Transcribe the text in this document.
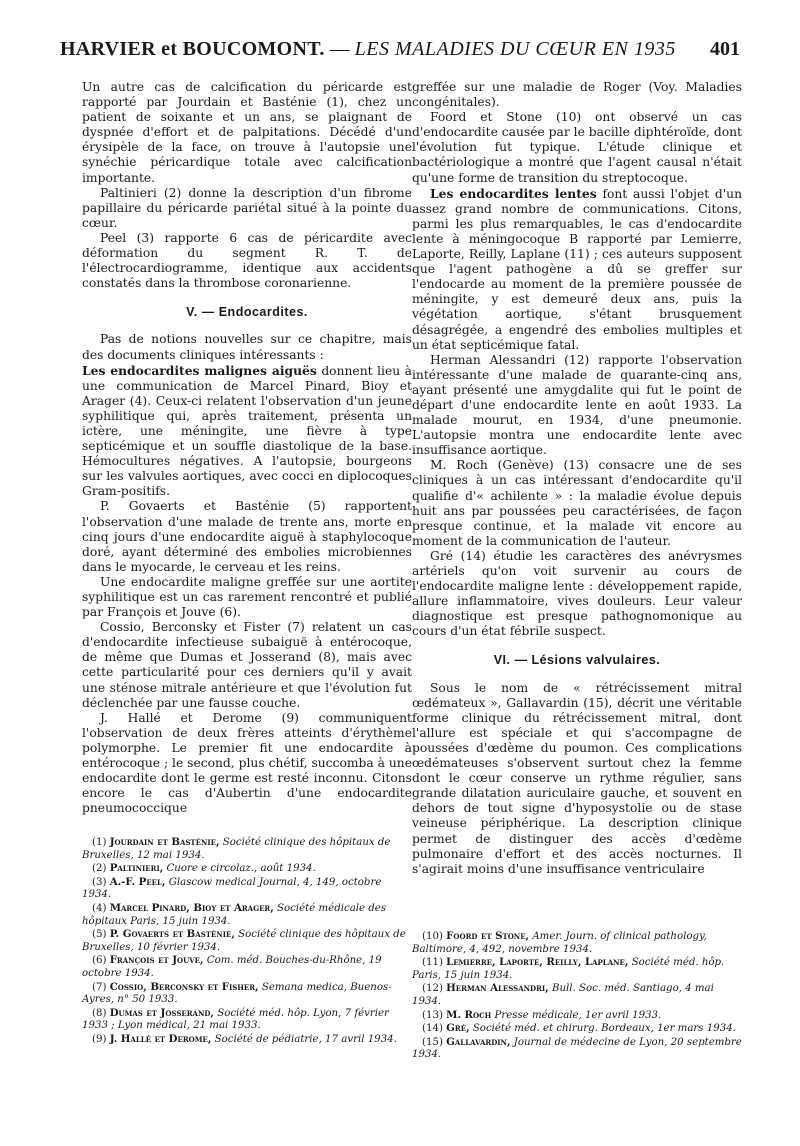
HARVIER et BOUCOMONT. — LES MALADIES DU CŒUR EN 1935 401

Un autre cas de calcification du péricarde est rapporté par Jourdain et Basténie (1), chez un patient de soixante et un ans, se plaignant de dyspnée d'effort et de palpitations. Décédé d'un érysipèle de la face, on trouve à l'autopsie une synéchie péricardique totale avec calcification importante.

Paltinieri (2) donne la description d'un fibrome papillaire du péricarde pariétal situé à la pointe du cœur.

Peel (3) rapporte 6 cas de péricardite avec déformation du segment R. T. de l'électrocardiogramme, identique aux accidents constatés dans la thrombose coronarienne.

V. — Endocardites.

Pas de notions nouvelles sur ce chapitre, mais des documents cliniques intéressants :

Les endocardites malignes aiguës donnent lieu à une communication de Marcel Pinard, Bioy et Arager (4). Ceux-ci relatent l'observation d'un jeune syphilitique qui, après traitement, présenta un ictère, une méningite, une fièvre à type septicémique et un souffle diastolique de la base. Hémocultures négatives. A l'autopsie, bourgeons sur les valvules aortiques, avec cocci en diplocoques Gram-positifs.

P. Govaerts et Basténie (5) rapportent l'observation d'une malade de trente ans, morte en cinq jours d'une endocardite aiguë à staphylocoque doré, ayant déterminé des embolies microbiennes dans le myocarde, le cerveau et les reins.

Une endocardite maligne greffée sur une aortite syphilitique est un cas rarement rencontré et publié par François et Jouve (6).

Cossio, Berconsky et Fister (7) relatent un cas d'endocardite infectieuse subaiguë à entérocoque, de même que Dumas et Josserand (8), mais avec cette particularité pour ces derniers qu'il y avait une sténose mitrale antérieure et que l'évolution fut déclenchée par une fausse couche.

J. Hallé et Derome (9) communiquent l'observation de deux frères atteints d'érythème polymorphe. Le premier fit une endocardite à entérocoque ; le second, plus chétif, succomba à une endocardite dont le germe est resté inconnu. Citons encore le cas d'Aubertin d'une endocardite pneumococcique

(1) Jourdain et Basténie, Société clinique des hôpitaux de Bruxelles, 12 mai 1934.
(2) Paltinieri, Cuore e circolaz., août 1934.
(3) A.-F. Peel, Glascow medical Journal, 4, 149, octobre 1934.
(4) Marcel Pinard, Bioy et Arager, Société médicale des hôpitaux Paris, 15 juin 1934.
(5) P. Govaerts et Basténie, Société clinique des hôpitaux de Bruxelles, 10 février 1934.
(6) François et Jouve, Com. méd. Bouches-du-Rhône, 19 octobre 1934.
(7) Cossio, Berconsky et Fisher, Semana medica, Buenos-Ayres, n° 50 1933.
(8) Dumas et Josserand, Société méd. hôp. Lyon, 7 février 1933 ; Lyon médical, 21 mai 1933.
(9) J. Hallé et Derome, Société de pédiatrie, 17 avril 1934.

greffée sur une maladie de Roger (Voy. Maladies congénitales).

Foord et Stone (10) ont observé un cas d'endocardite causée par le bacille diphtéroïde, dont l'évolution fut typique. L'étude clinique et bactériologique a montré que l'agent causal n'était qu'une forme de transition du streptocoque.

Les endocardites lentes font aussi l'objet d'un assez grand nombre de communications. Citons, parmi les plus remarquables, le cas d'endocardite lente à méningocoque B rapporté par Lemierre, Laporte, Reilly, Laplane (11) ; ces auteurs supposent que l'agent pathogène a dû se greffer sur l'endocarde au moment de la première poussée de méningite, y est demeuré deux ans, puis la végétation aortique, s'étant brusquement désagrégée, a engendré des embolies multiples et un état septicémique fatal.

Herman Alessandri (12) rapporte l'observation intéressante d'une malade de quarante-cinq ans, ayant présenté une amygdalite qui fut le point de départ d'une endocardite lente en août 1933. La malade mourut, en 1934, d'une pneumonie. L'autopsie montra une endocardite lente avec insuffisance aortique.

M. Roch (Genève) (13) consacre une de ses cliniques à un cas intéressant d'endocardite qu'il qualifie d'« achilente » : la maladie évolue depuis huit ans par poussées peu caractérisées, de façon presque continue, et la malade vit encore au moment de la communication de l'auteur.

Gré (14) étudie les caractères des anévrysmes artériels qu'on voit survenir au cours de l'endocardite maligne lente : développement rapide, allure inflammatoire, vives douleurs. Leur valeur diagnostique est presque pathognomonique au cours d'un état fébrile suspect.

VI. — Lésions valvulaires.

Sous le nom de « rétrécissement mitral œdémateux », Gallavardin (15), décrit une véritable forme clinique du rétrécissement mitral, dont l'allure est spéciale et qui s'accompagne de poussées d'œdème du poumon. Ces complications œdémateuses s'observent surtout chez la femme dont le cœur conserve un rythme régulier, sans grande dilatation auriculaire gauche, et souvent en dehors de tout signe d'hyposystolie ou de stase veineuse périphérique. La description clinique permet de distinguer des accès d'œdème pulmonaire d'effort et des accès nocturnes. Il s'agirait moins d'une insuffisance ventriculaire

(10) Foord et Stone, Amer. Journ. of clinical pathology, Baltimore, 4, 492, novembre 1934.
(11) Lemierre, Laporte, Reilly, Laplane, Société méd. hôp. Paris, 15 juin 1934.
(12) Herman Alessandri, Bull. Soc. méd. Santiago, 4 mai 1934.
(13) M. Roch Presse médicale, 1er avril 1933.
(14) Gré, Société méd. et chirurg. Bordeaux, 1er mars 1934.
(15) Gallavardin, Journal de médecine de Lyon, 20 septembre 1934.
